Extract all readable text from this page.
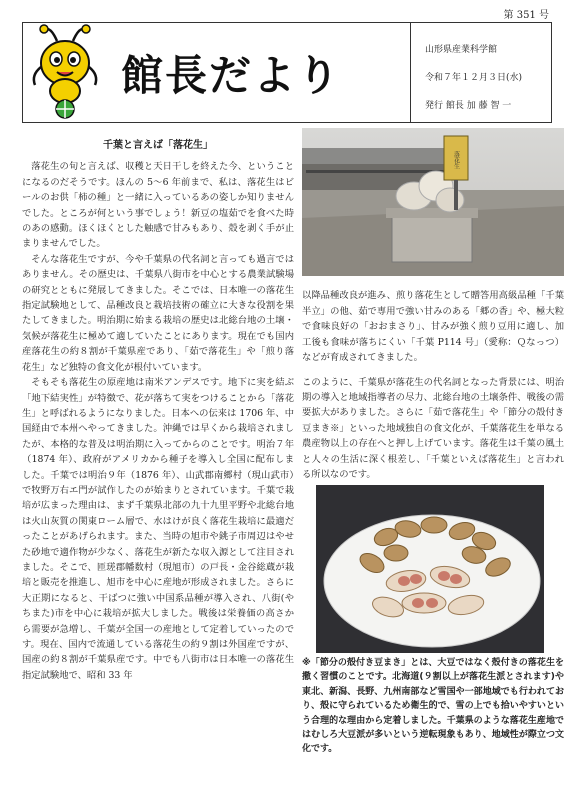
第 351 号
館長だより
山形県産業科学館
令和７年１２月３日(水)
発行 館長 加 藤 智 一
千葉と言えば「落花生」

落花生の旬と言えば、収穫と天日干しを終えた今、ということになるのだそうです。ほんの 5～6 年前まで、私は、落花生はビールのお供「柿の種」と一緒に入っているあの姿しか知りませんでした。ところが何という事でしょう！新豆の塩茹でを食べた時のあの感動。ほくほくとした触感で甘みもあり、殻を剥く手が止まりませんでした。

そんな落花生ですが、今や千葉県の代名詞と言っても過言ではありません。その歴史は、千葉県八街市を中心とする農業試験場の研究とともに発展してきました。そこでは、日本唯一の落花生指定試験地として、品種改良と栽培技術の確立に大きな役割を果たしてきました。明治期に始まる栽培の歴史は北総台地の土壌・気候が落花生に極めて適していたことにあります。現在でも国内産落花生の約８割が千葉県産であり、「茹で落花生」や「煎り落花生」など独特の食文化が根付いています。

そもそも落花生の原産地は南米アンデスです。地下に実を結ぶ「地下結実性」が特徴で、花が落ちて実をつけることから「落花生」と呼ばれるようになりました。日本への伝来は 1706 年、中国経由で本州へやってきました。沖縄では早くから栽培されましたが、本格的な普及は明治期に入ってからのことです。明治７年（1874 年）、政府がアメリカから種子を導入し全国に配布しました。千葉では明治９年（1876 年）、山武郡南郷村（現山武市）で牧野万右エ門が試作したのが始まりとされています。千葉で栽培が広まった理由は、まず千葉県北部の九十九里平野や北総台地は火山灰質の関東ローム層で、水はけが良く落花生栽培に最適だったことがあげられます。また、当時の旭市や銚子市周辺はやせた砂地で適作物が少なく、落花生が新たな収入源として注目されました。そこで、匝瑳郡幡数村（現旭市）の戸長・金谷総蔵が栽培と販売を推進し、旭市を中心に産地が形成されました。さらに大正期になると、干ばつに強い中国系品種が導入され、八街(やちまた)市を中心に栽培が拡大しました。戦後は栄養価の高さから需要が急増し、千葉が全国一の産地として定着していったのです。現在、国内で流通している落花生の約９割は外国産ですが、国産の約８割が千葉県産です。中でも八街市は日本唯一の落花生指定試験地で、昭和 33 年

落花生

以降品種改良が進み、煎り落花生として贈答用高級品種「千葉半立」の他、茹で専用で強い甘みのある「郷の香」や、極大粒で食味良好の「おおまさり」、甘みが強く煎り豆用に適し、加工後も食味が落ちにくい「千葉 P114 号」（愛称：Ｑなっつ）などが育成されてきました。

このように、千葉県が落花生の代名詞となった背景には、明治期の導入と地域指導者の尽力、北総台地の土壌条件、戦後の需要拡大がありました。さらに「茹で落花生」や「節分の殻付き豆まき※」といった地域独自の食文化が、千葉落花生を単なる農産物以上の存在へと押し上げています。落花生は千葉の風土と人々の生活に深く根差し、「千葉といえば落花生」と言われる所以なのです。

※「節分の殻付き豆まき」とは、大豆ではなく殻付きの落花生を撒く習慣のことです。北海道(９割以上が落花生派とされます)や東北、新潟、長野、九州南部など雪国や一部地域でも行われており、殻に守られているため衛生的で、雪の上でも拾いやすいという合理的な理由から定着しました。千葉県のような落花生産地ではむしろ大豆派が多いという逆転現象もあり、地域性が際立つ文化です。
